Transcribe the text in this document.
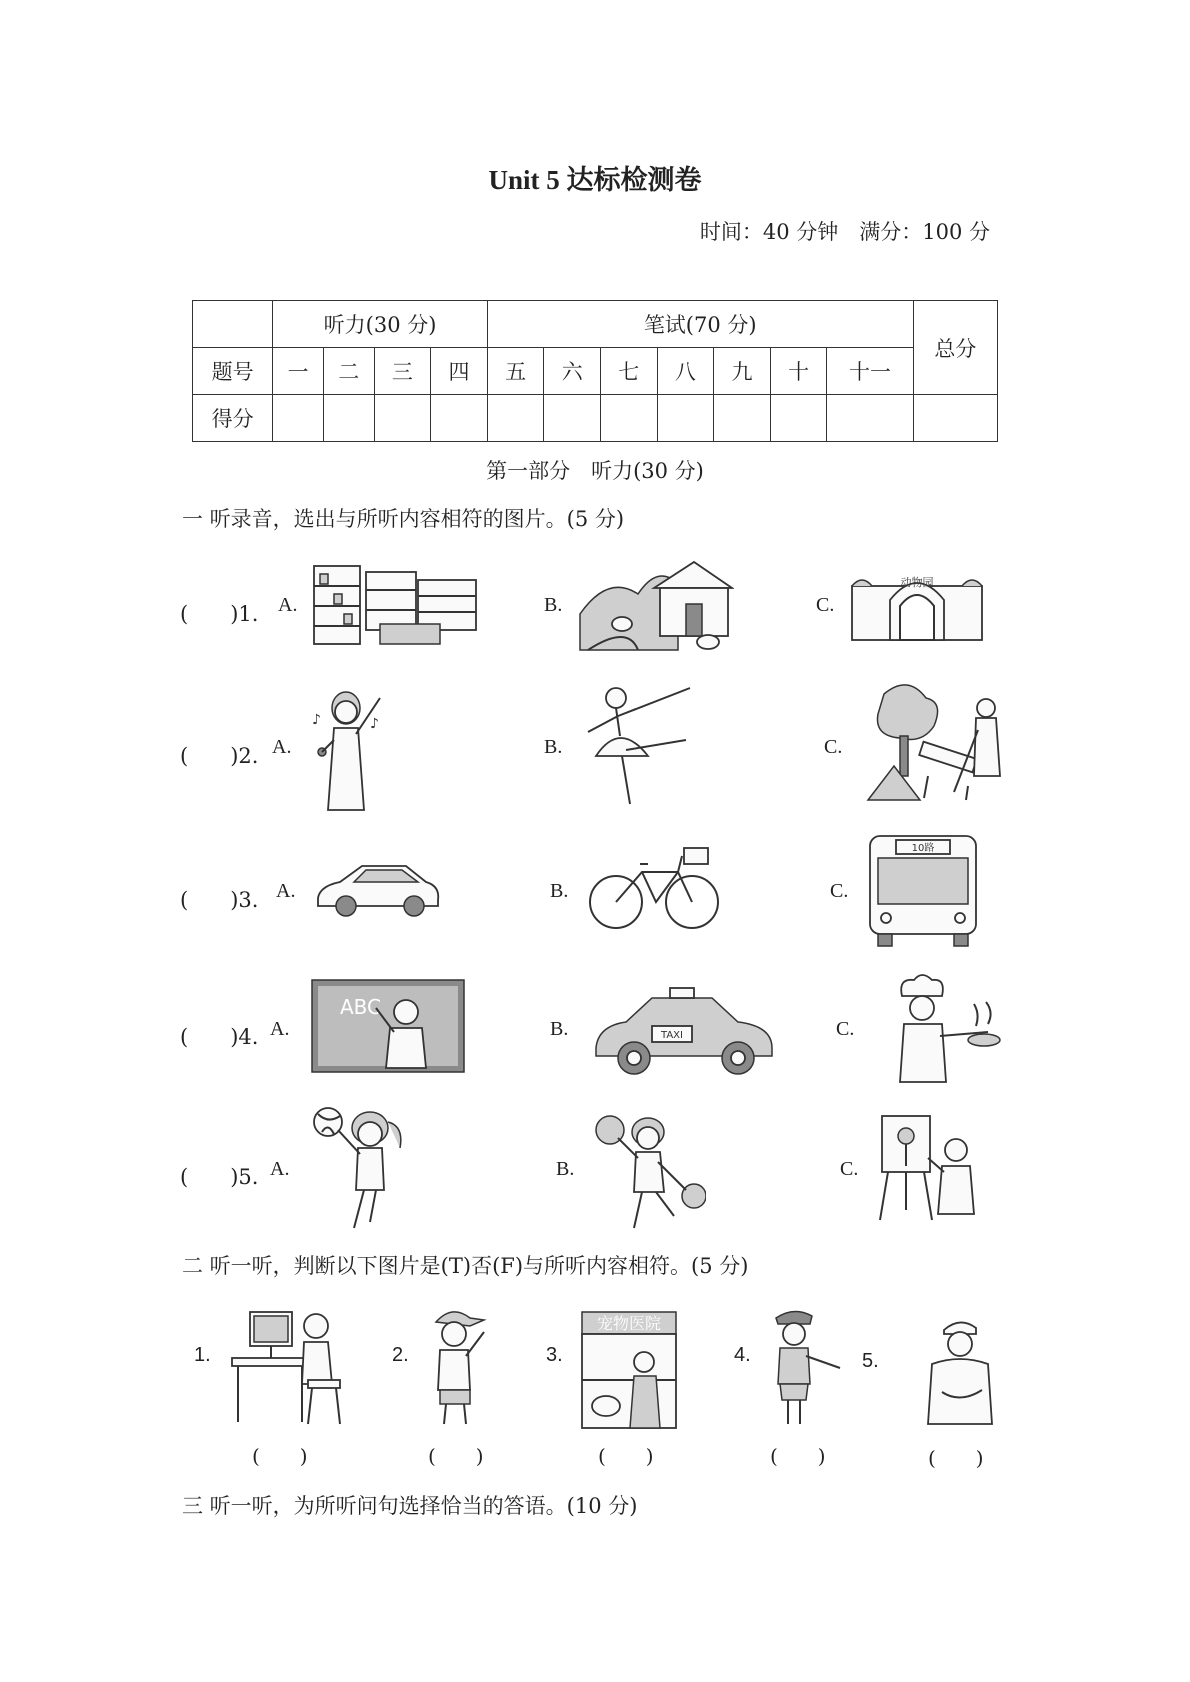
Unit 5 达标检测卷
时间：40 分钟　满分：100 分
	听力(30 分)				笔试(70 分)							总分
题号	一	二	三	四	五	六	七	八	九	十	十一	
得分												
第一部分　听力(30 分)
一 听录音，选出与所听内容相符的图片。(5 分)
(　　)1. A.	B.	C.
动物园
(　　)2. A.
♪	♪
B.	C.
(　　)3. A.	B.	C.
10路
(　　)4. A.
ABC
B.	TAXI	C.
(　　)5. A.	B.	C.
二 听一听，判断以下图片是(T)否(F)与所听内容相符。(5 分)
1.	2.	3.
宠物医院
4.	5.
(　　)	(　　)	(　　)	(　　)	(　　)
三 听一听，为所听问句选择恰当的答语。(10 分)
